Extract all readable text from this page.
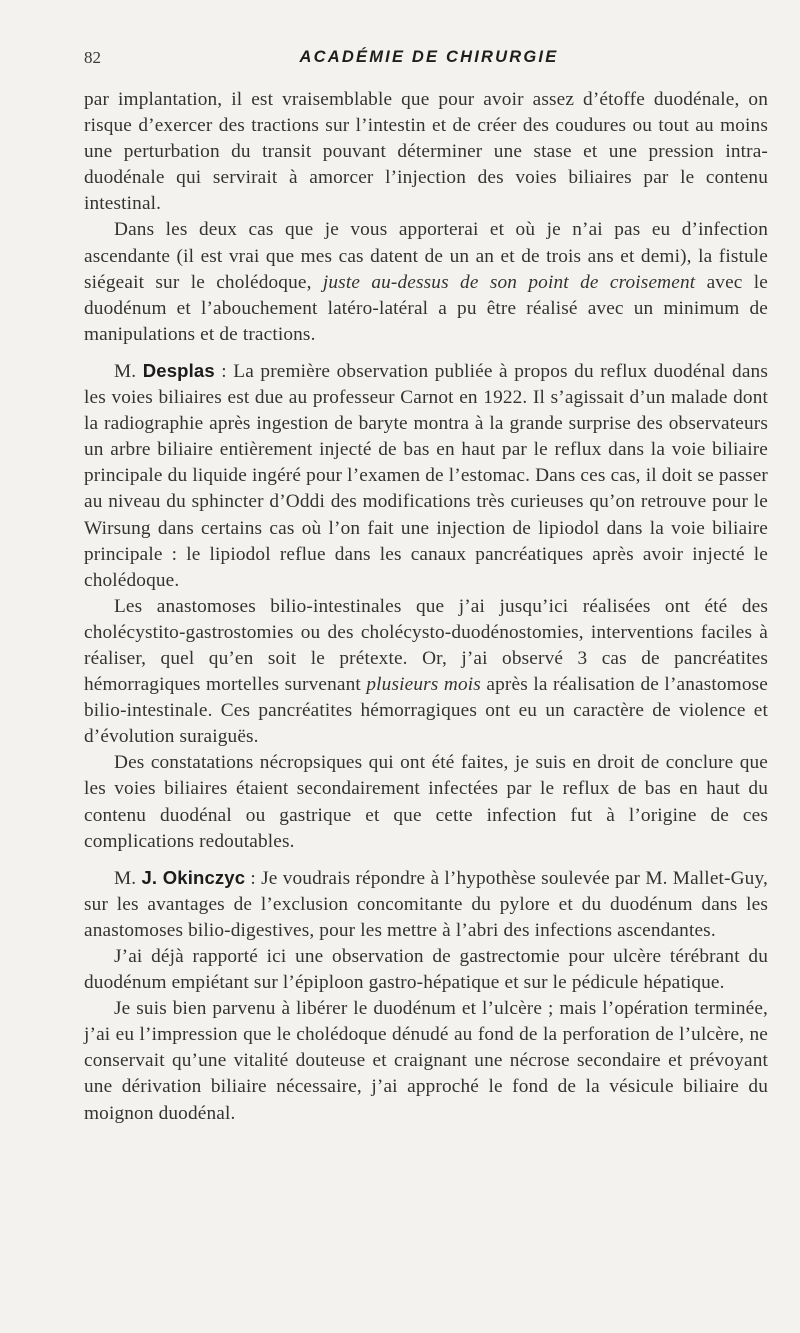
82	ACADÉMIE DE CHIRURGIE

par implantation, il est vraisemblable que pour avoir assez d’étoffe duodénale, on risque d’exercer des tractions sur l’intestin et de créer des coudures ou tout au moins une perturbation du transit pouvant déterminer une stase et une pression intra-duodénale qui servirait à amorcer l’injection des voies biliaires par le contenu intestinal.

Dans les deux cas que je vous apporterai et où je n’ai pas eu d’infection ascendante (il est vrai que mes cas datent de un an et de trois ans et demi), la fistule siégeait sur le cholédoque, juste au-dessus de son point de croisement avec le duodénum et l’abouchement latéro-latéral a pu être réalisé avec un minimum de manipulations et de tractions.

M. Desplas : La première observation publiée à propos du reflux duodénal dans les voies biliaires est due au professeur Carnot en 1922. Il s’agissait d’un malade dont la radiographie après ingestion de baryte montra à la grande surprise des observateurs un arbre biliaire entièrement injecté de bas en haut par le reflux dans la voie biliaire principale du liquide ingéré pour l’examen de l’estomac. Dans ces cas, il doit se passer au niveau du sphincter d’Oddi des modifications très curieuses qu’on retrouve pour le Wirsung dans certains cas où l’on fait une injection de lipiodol dans la voie biliaire principale : le lipiodol reflue dans les canaux pancréatiques après avoir injecté le cholédoque.

Les anastomoses bilio-intestinales que j’ai jusqu’ici réalisées ont été des cholécystito-gastrostomies ou des cholécysto-duodénostomies, interventions faciles à réaliser, quel qu’en soit le prétexte. Or, j’ai observé 3 cas de pancréatites hémorragiques mortelles survenant plusieurs mois après la réalisation de l’anastomose bilio-intestinale. Ces pancréatites hémorragiques ont eu un caractère de violence et d’évolution suraiguës.

Des constatations nécropsiques qui ont été faites, je suis en droit de conclure que les voies biliaires étaient secondairement infectées par le reflux de bas en haut du contenu duodénal ou gastrique et que cette infection fut à l’origine de ces complications redoutables.

M. J. Okinczyc : Je voudrais répondre à l’hypothèse soulevée par M. Mallet-Guy, sur les avantages de l’exclusion concomitante du pylore et du duodénum dans les anastomoses bilio-digestives, pour les mettre à l’abri des infections ascendantes.

J’ai déjà rapporté ici une observation de gastrectomie pour ulcère térébrant du duodénum empiétant sur l’épiploon gastro-hépatique et sur le pédicule hépatique.

Je suis bien parvenu à libérer le duodénum et l’ulcère ; mais l’opération terminée, j’ai eu l’impression que le cholédoque dénudé au fond de la perforation de l’ulcère, ne conservait qu’une vitalité douteuse et craignant une nécrose secondaire et prévoyant une dérivation biliaire nécessaire, j’ai approché le fond de la vésicule biliaire du moignon duodénal.
